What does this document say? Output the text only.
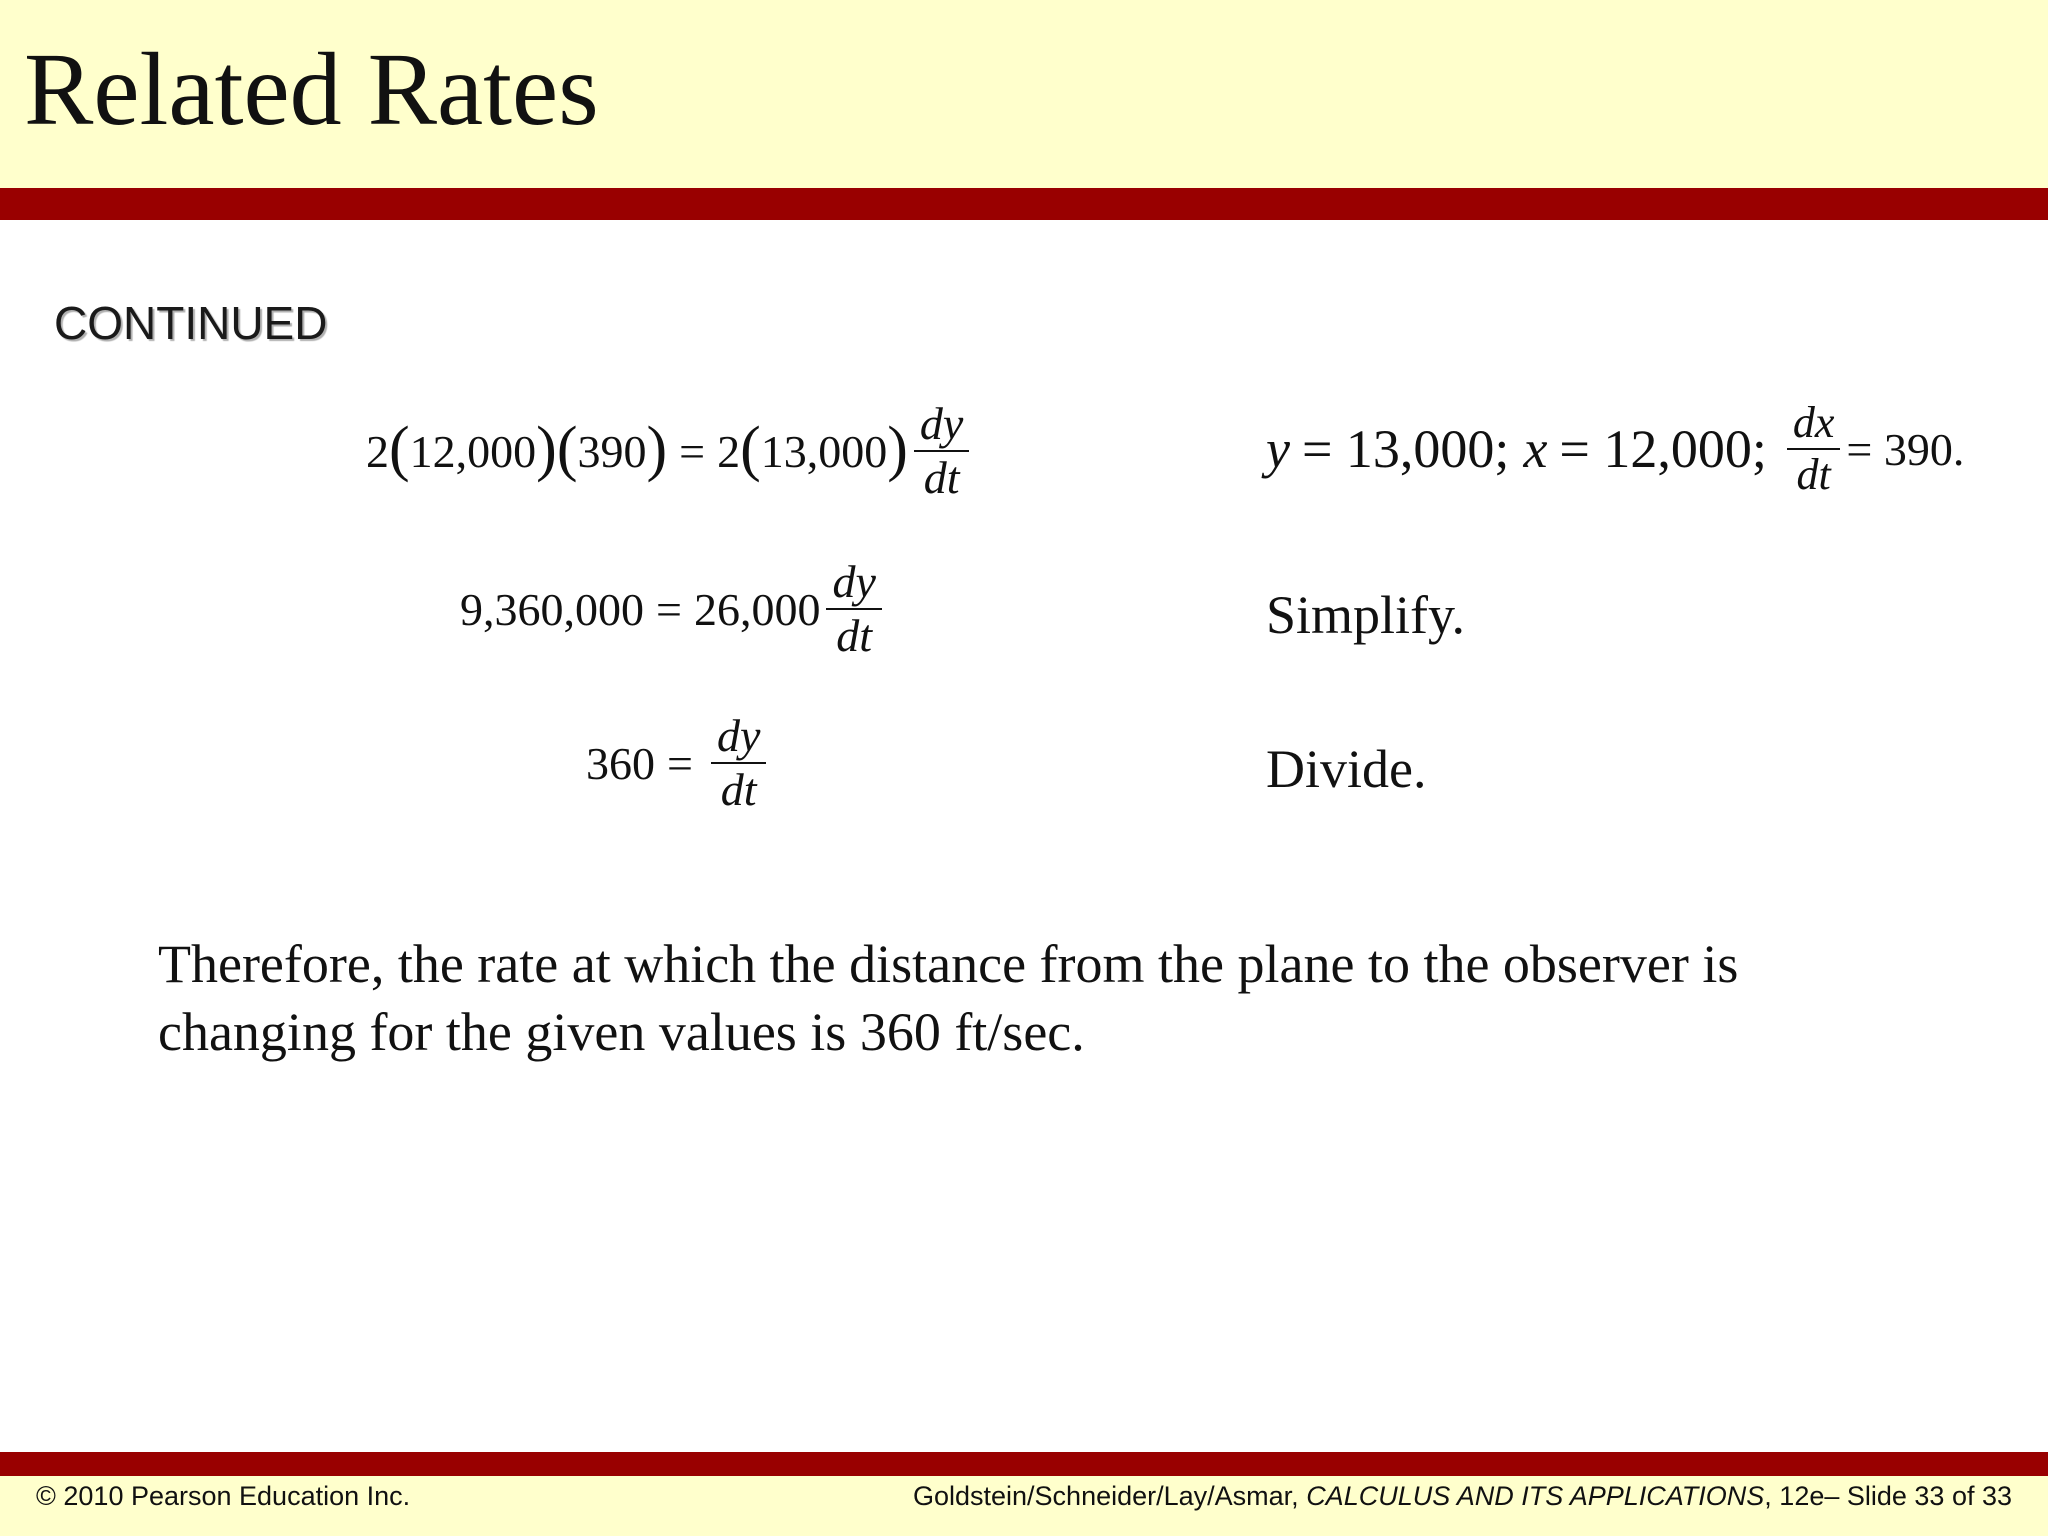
Related Rates
CONTINUED
2 ( 12,000 ) ( 390 ) = 2 ( 13,000 ) $\frac{dy}{dt}$
$9,360,000 = 26,000 \frac{dy}{dt}$
$360 = \frac{dy}{dt}$
y = 13,000; x = 12,000; $\frac{dx}{dt} = 390$.
Simplify.
Divide.
Therefore, the rate at which the distance from the plane to the observer is
changing for the given values is 360 ft/sec.
© 2010 Pearson Education Inc.	Goldstein/Schneider/Lay/Asmar, CALCULUS AND ITS APPLICATIONS, 12e– Slide 33 of 33
